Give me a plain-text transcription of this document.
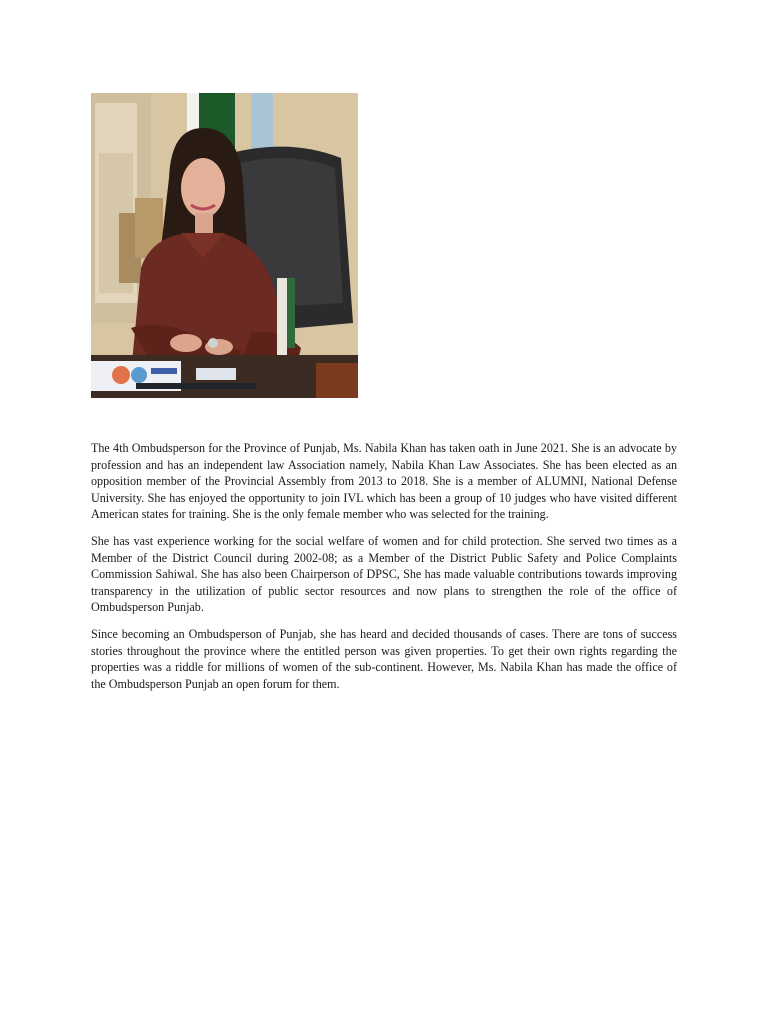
The 4th Ombudsperson for the Province of Punjab, Ms. Nabila Khan has taken oath in June 2021. She is an advocate by profession and has an independent law Association namely, Nabila Khan Law Associates. She has been elected as an opposition member of the Provincial Assembly from 2013 to 2018. She is a member of ALUMNI, National Defense University. She has enjoyed the opportunity to join IVL which has been a group of 10 judges who have visited different American states for training. She is the only female member who was selected for the training.

She has vast experience working for the social welfare of women and for child protection. She served two times as a Member of the District Council during 2002-08; as a Member of the District Public Safety and Police Complaints Commission Sahiwal. She has also been Chairperson of DPSC, She has made valuable contributions towards improving transparency in the utilization of public sector resources and now plans to strengthen the role of the office of Ombudsperson Punjab.

Since becoming an Ombudsperson of Punjab, she has heard and decided thousands of cases. There are tons of success stories throughout the province where the entitled person was given properties. To get their own rights regarding the properties was a riddle for millions of women of the sub-continent. However, Ms. Nabila Khan has made the office of the Ombudsperson Punjab an open forum for them.
